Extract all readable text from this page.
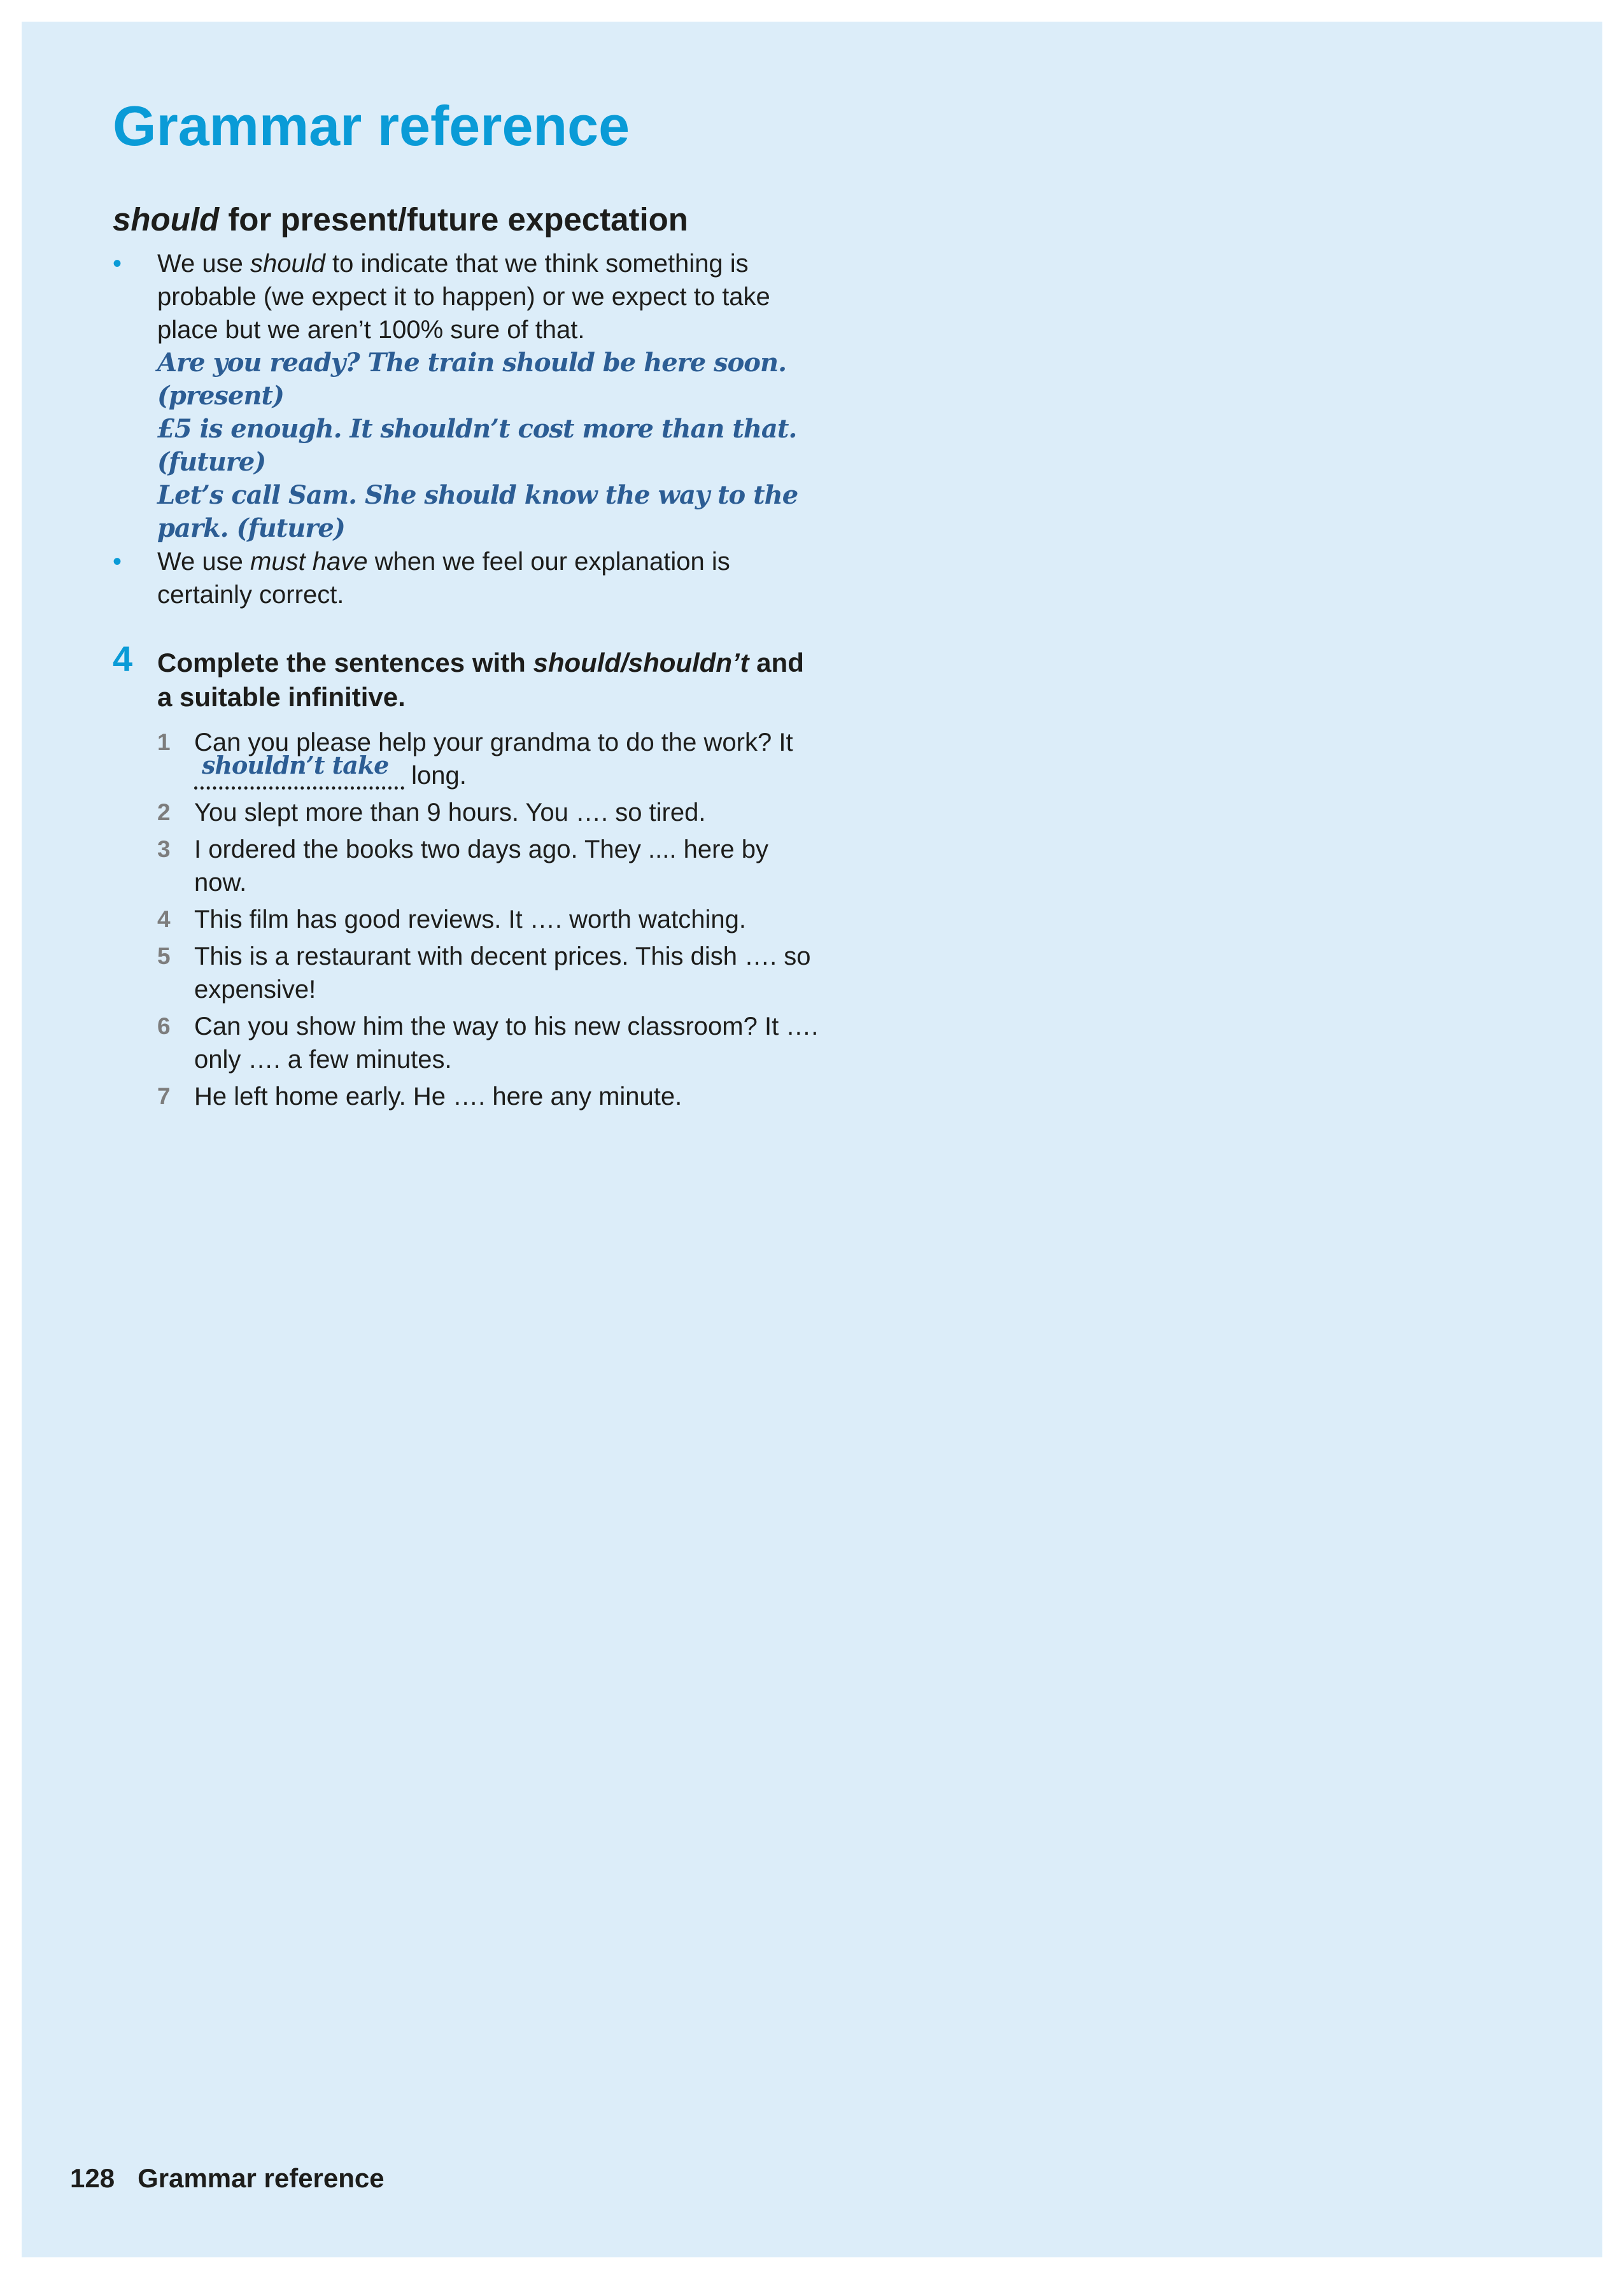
Grammar reference
should for present/future expectation
• We use should to indicate that we think something is probable (we expect it to happen) or we expect to take place but we aren’t 100% sure of that.
Are you ready? The train should be here soon. (present)
£5 is enough. It shouldn’t cost more than that. (future)
Let’s call Sam. She should know the way to the park. (future)
• We use must have when we feel our explanation is certainly correct.
4 Complete the sentences with should/shouldn’t and a suitable infinitive.
1 Can you please help your grandma to do the work? It
shouldn’t take long.
2 You slept more than 9 hours. You …. so tired.
3 I ordered the books two days ago. They .... here by now.
4 This film has good reviews. It …. worth watching.
5 This is a restaurant with decent prices. This dish …. so expensive!
6 Can you show him the way to his new classroom? It …. only …. a few minutes.
7 He left home early. He …. here any minute.
128 Grammar reference
